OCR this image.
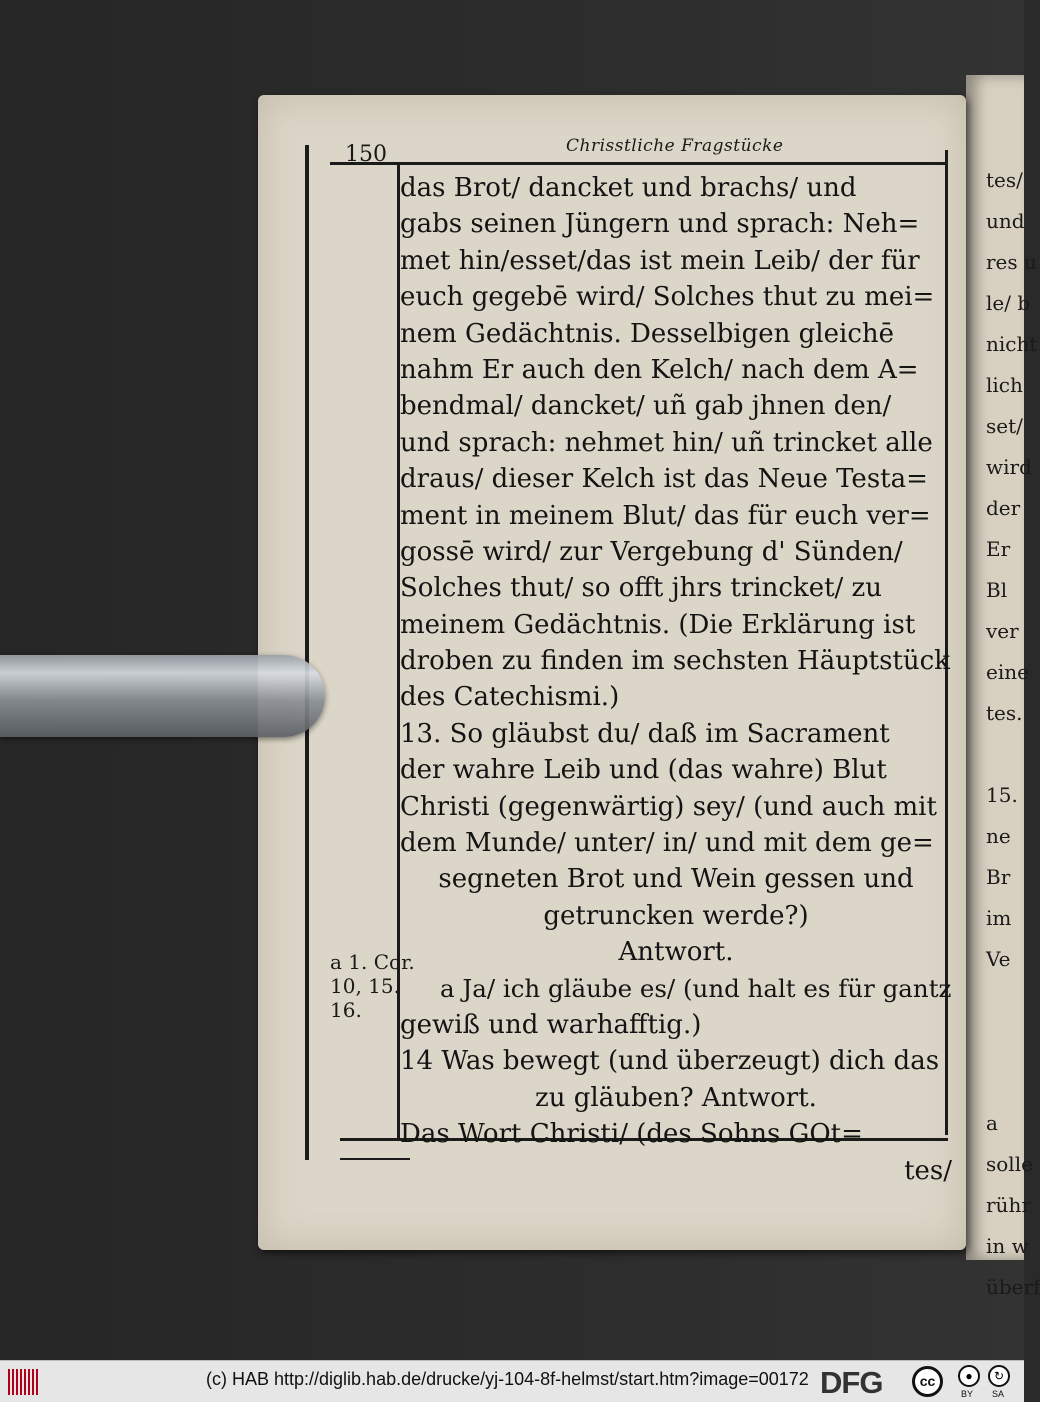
tes/
und
res u
le/ b
nicht
lich
set/
wird
der
Er
Bl
ver
eine
tes.
15.
ne
Br
im
Ve
a
solle
rühr
in w
überf
150	Chrisstliche Fragstücke
das Brot/ dancket und brachs/ und
gabs seinen Jüngern und sprach: Neh=
met hin/esset/das ist mein Leib/ der für
euch gegebē wird/ Solches thut zu mei=
nem Gedächtnis. Desselbigen gleichē
nahm Er auch den Kelch/ nach dem A=
bendmal/ dancket/ uñ gab jhnen den/
und sprach: nehmet hin/ uñ trincket alle
draus/ dieser Kelch ist das Neue Testa=
ment in meinem Blut/ das für euch ver=
gossē wird/ zur Vergebung d' Sünden/
Solches thut/ so offt jhrs trincket/ zu
meinem Gedächtnis. (Die Erklärung ist
droben zu finden im sechsten Häuptstück
des Catechismi.)
13. So gläubst du/ daß im Sacrament
der wahre Leib und (das wahre) Blut
Christi (gegenwärtig) sey/ (und auch mit
dem Munde/ unter/ in/ und mit dem ge=
segneten Brot und Wein gessen und
getruncken werde?)
Antwort.
a Ja/ ich gläube es/ (und halt es für gantz
gewiß und warhafftig.)
14 Was bewegt (und überzeugt) dich das
zu gläuben? Antwort.
Das Wort Christi/ (des Sohns GOt=
tes/
a 1. Cor.
10, 15.
16.
(c) HAB http://diglib.hab.de/drucke/yj-104-8f-helmst/start.htm?image=00172 DFG	cc	●
BY
↻
SA
